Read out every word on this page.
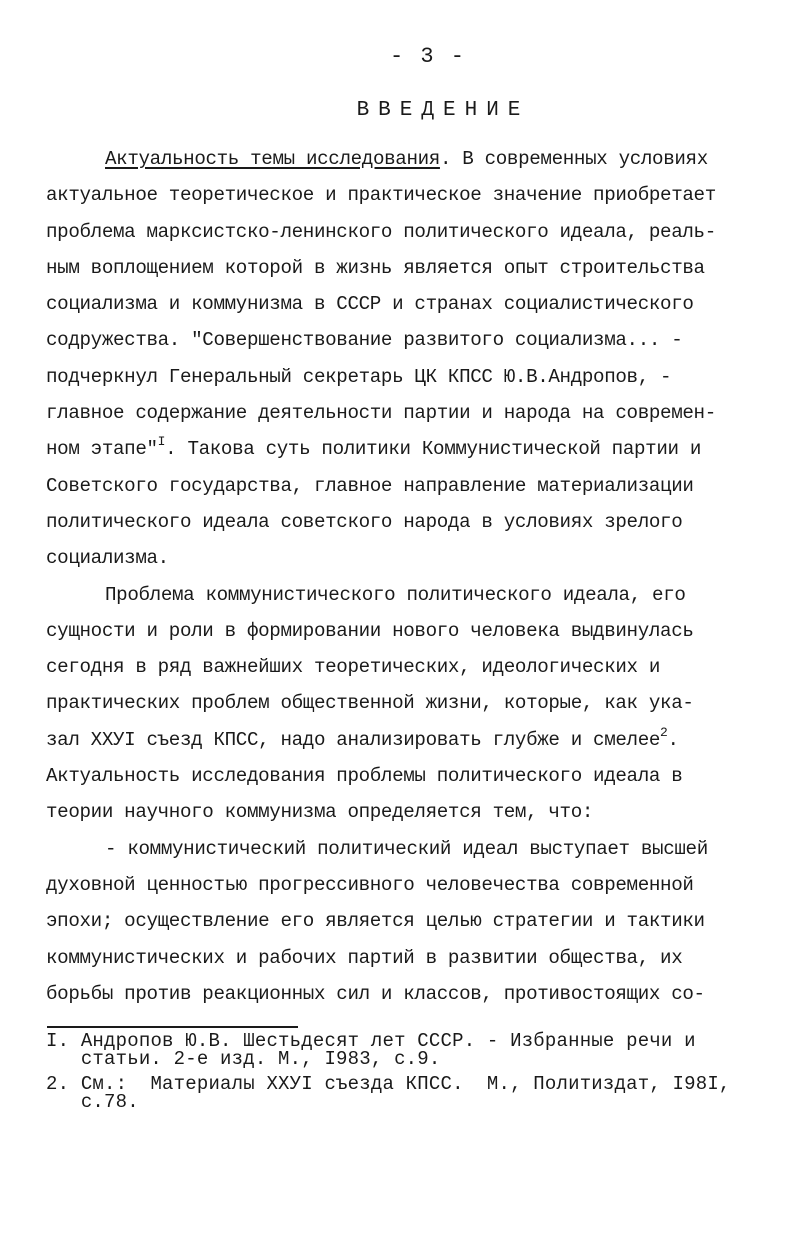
- 3 -
ВВЕДЕНИЕ
Актуальность темы исследования. В современных условиях
актуальное теоретическое и практическое значение приобретает
проблема марксистско-ленинского политического идеала, реаль-
ным воплощением которой в жизнь является опыт строительства
социализма и коммунизма в СССР и странах социалистического
содружества. "Совершенствование развитого социализма... -
подчеркнул Генеральный секретарь ЦК КПСС Ю.В.Андропов, -
главное содержание деятельности партии и народа на современ-
ном этапе"$^I$. Такова суть политики Коммунистической партии и
Советского государства, главное направление материализации
политического идеала советского народа в условиях зрелого
социализма.
Проблема коммунистического политического идеала, его
сущности и роли в формировании нового человека выдвинулась
сегодня в ряд важнейших теоретических, идеологических и
практических проблем общественной жизни, которые, как ука-
зал ХХУI съезд КПСС, надо анализировать глубже и смелее$^2$.
Актуальность исследования проблемы политического идеала в
теории научного коммунизма определяется тем, что:
- коммунистический политический идеал выступает высшей
духовной ценностью прогрессивного человечества современной
эпохи; осуществление его является целью стратегии и тактики
коммунистических и рабочих партий в развитии общества, их
борьбы против реакционных сил и классов, противостоящих со-
I. Андропов Ю.В. Шестьдесят лет СССР. - Избранные речи и
статьи. 2-е изд. М., I983, с.9.
2. См.:  Материалы ХХУI съезда КПСС.  М., Политиздат, I98I,
с.78.
